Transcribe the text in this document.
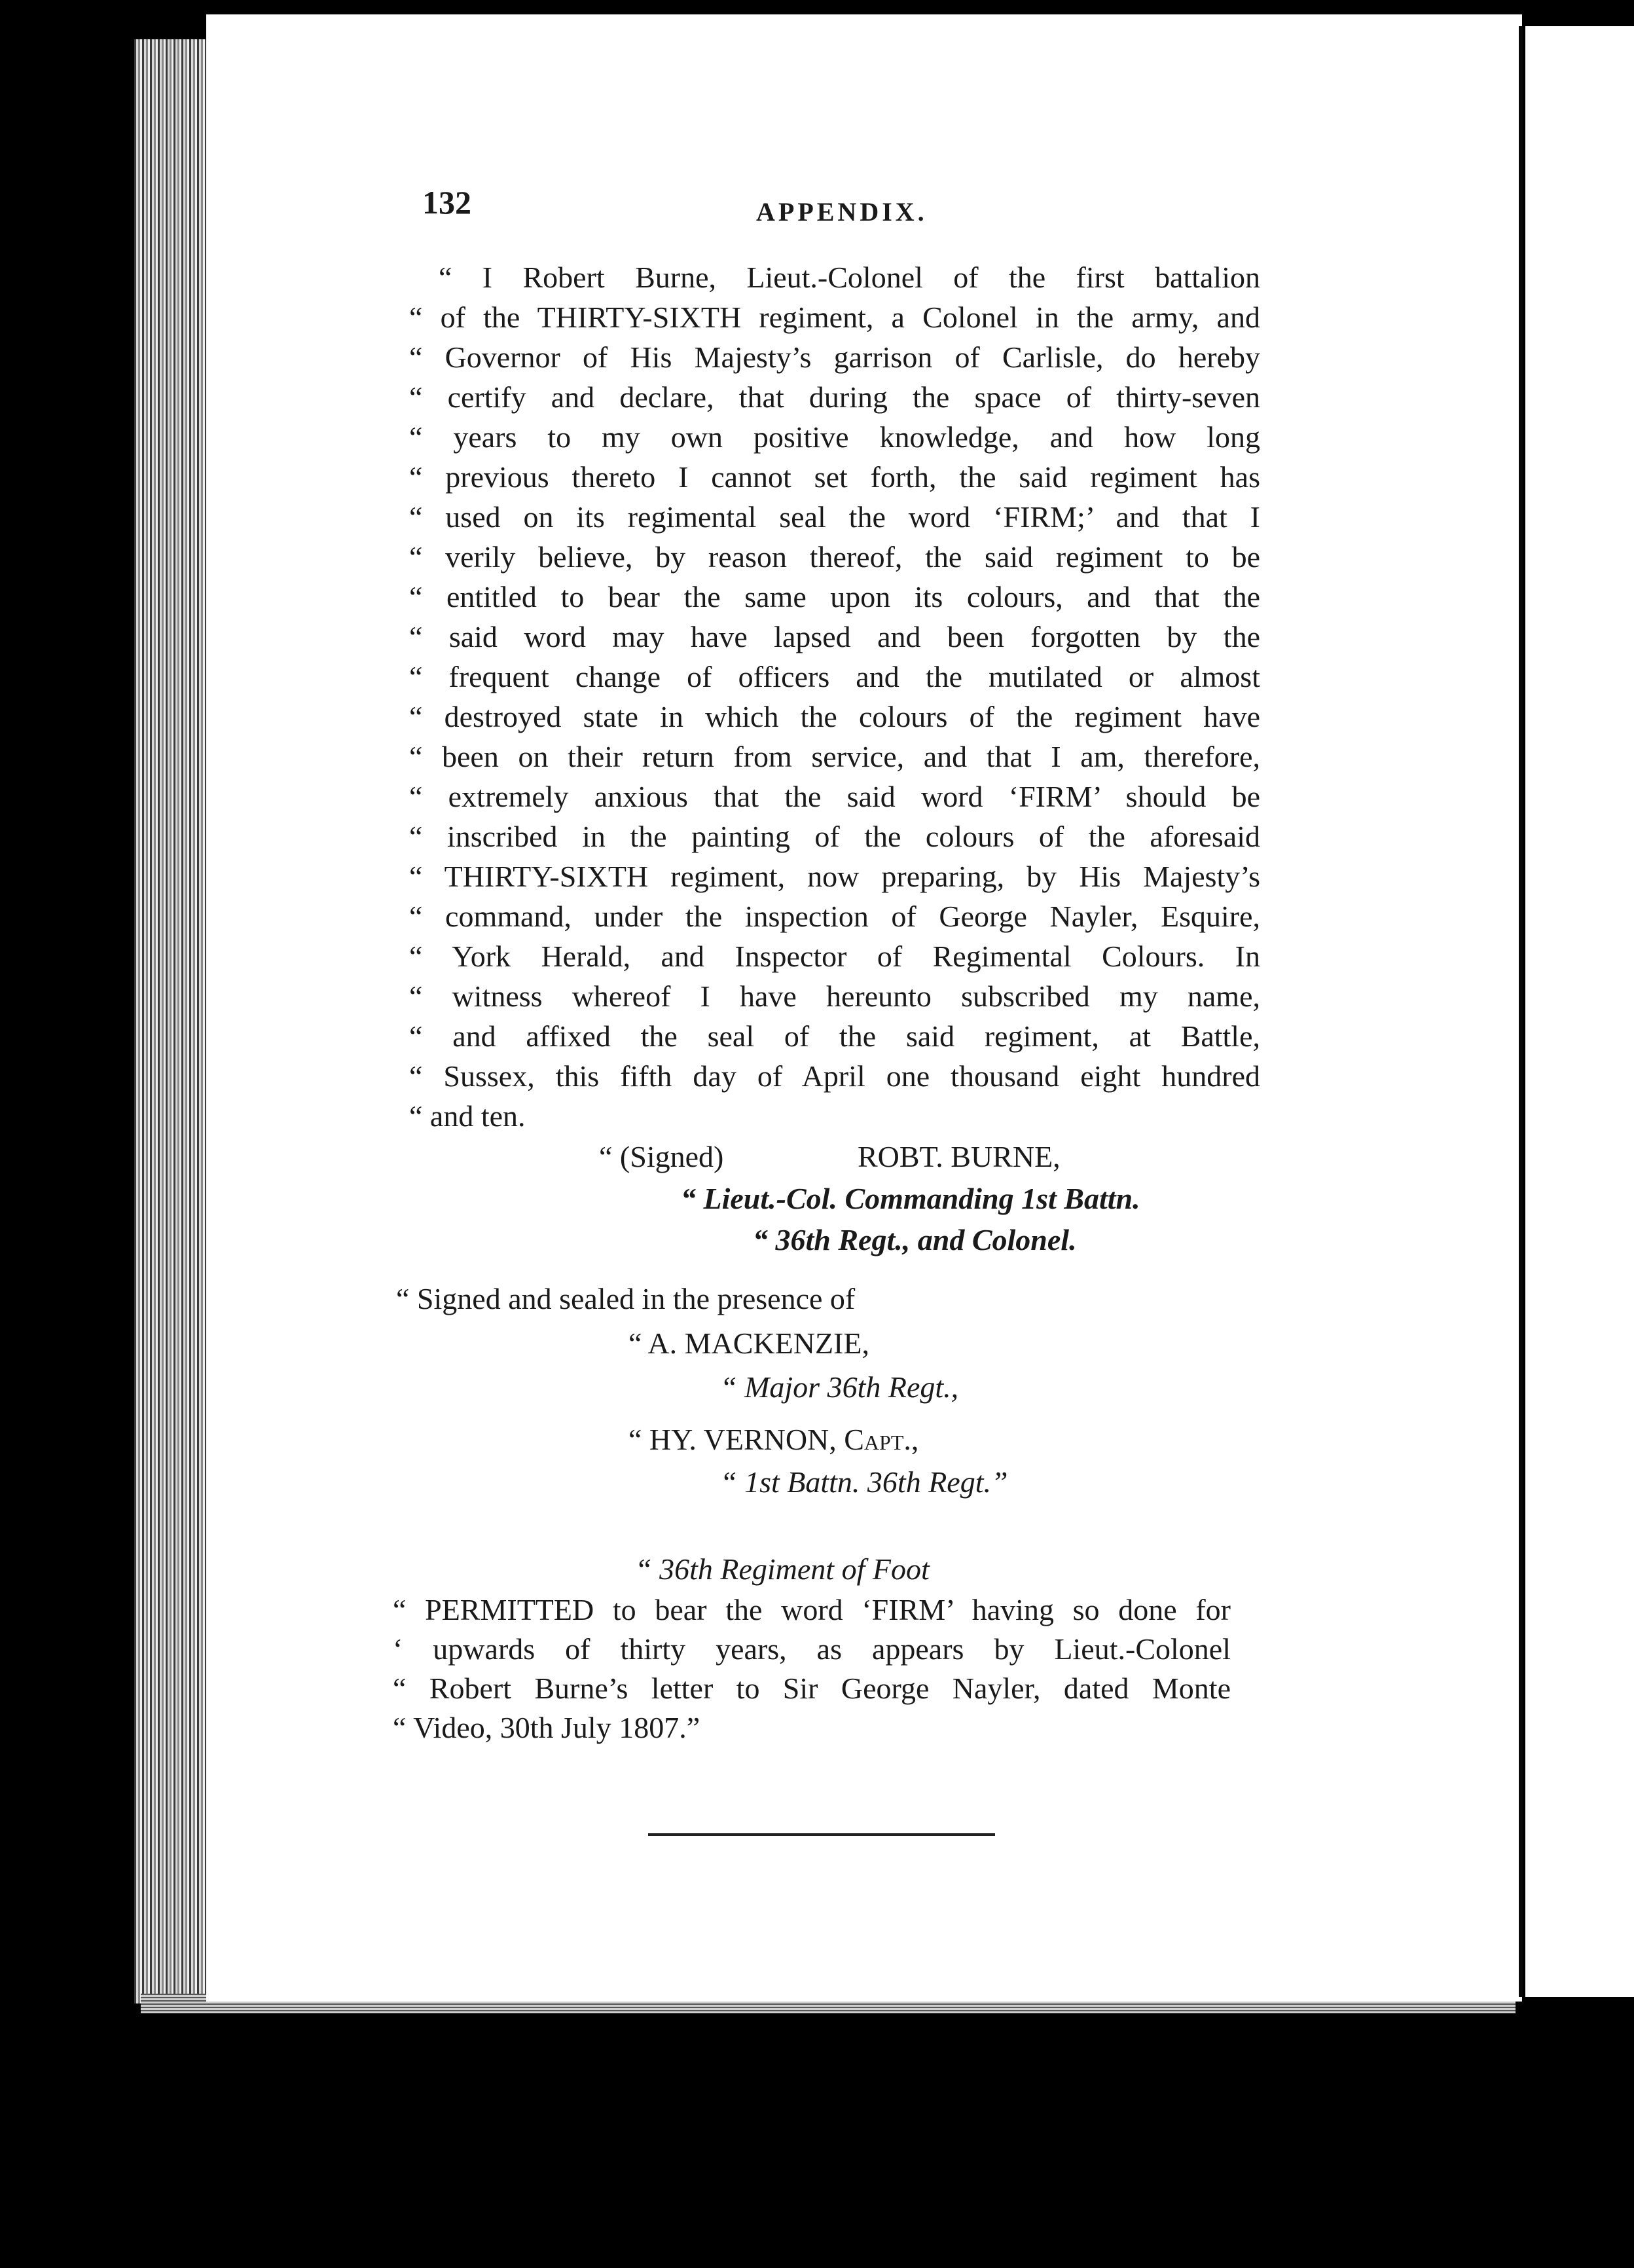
132	APPENDIX.
“ I Robert Burne, Lieut.-Colonel of the first battalion
“ of the THIRTY-SIXTH regiment, a Colonel in the army, and
“ Governor of His Majesty’s garrison of Carlisle, do hereby
“ certify and declare, that during the space of thirty-seven
“ years to my own positive knowledge, and how long
“ previous thereto I cannot set forth, the said regiment has
“ used on its regimental seal the word ‘FIRM;’ and that I
“ verily believe, by reason thereof, the said regiment to be
“ entitled to bear the same upon its colours, and that the
“ said word may have lapsed and been forgotten by the
“ frequent change of officers and the mutilated or almost
“ destroyed state in which the colours of the regiment have
“ been on their return from service, and that I am, therefore,
“ extremely anxious that the said word ‘FIRM’ should be
“ inscribed in the painting of the colours of the aforesaid
“ THIRTY-SIXTH regiment, now preparing, by His Majesty’s
“ command, under the inspection of George Nayler, Esquire,
“ York Herald, and Inspector of Regimental Colours. In
“ witness whereof I have hereunto subscribed my name,
“ and affixed the seal of the said regiment, at Battle,
“ Sussex, this fifth day of April one thousand eight hundred
“ and ten.
“ (Signed)	ROBT. BURNE,
“ Lieut.-Col. Commanding 1st Battn.
“ 36th Regt., and Colonel.
“ Signed and sealed in the presence of
“ A. MACKENZIE,
“ Major 36th Regt.,
“ HY. VERNON, Capt.,
“ 1st Battn. 36th Regt.”
“ 36th Regiment of Foot
“ PERMITTED to bear the word ‘FIRM’ having so done for
‘ upwards of thirty years, as appears by Lieut.-Colonel
“ Robert Burne’s letter to Sir George Nayler, dated Monte
“ Video, 30th July 1807.”
